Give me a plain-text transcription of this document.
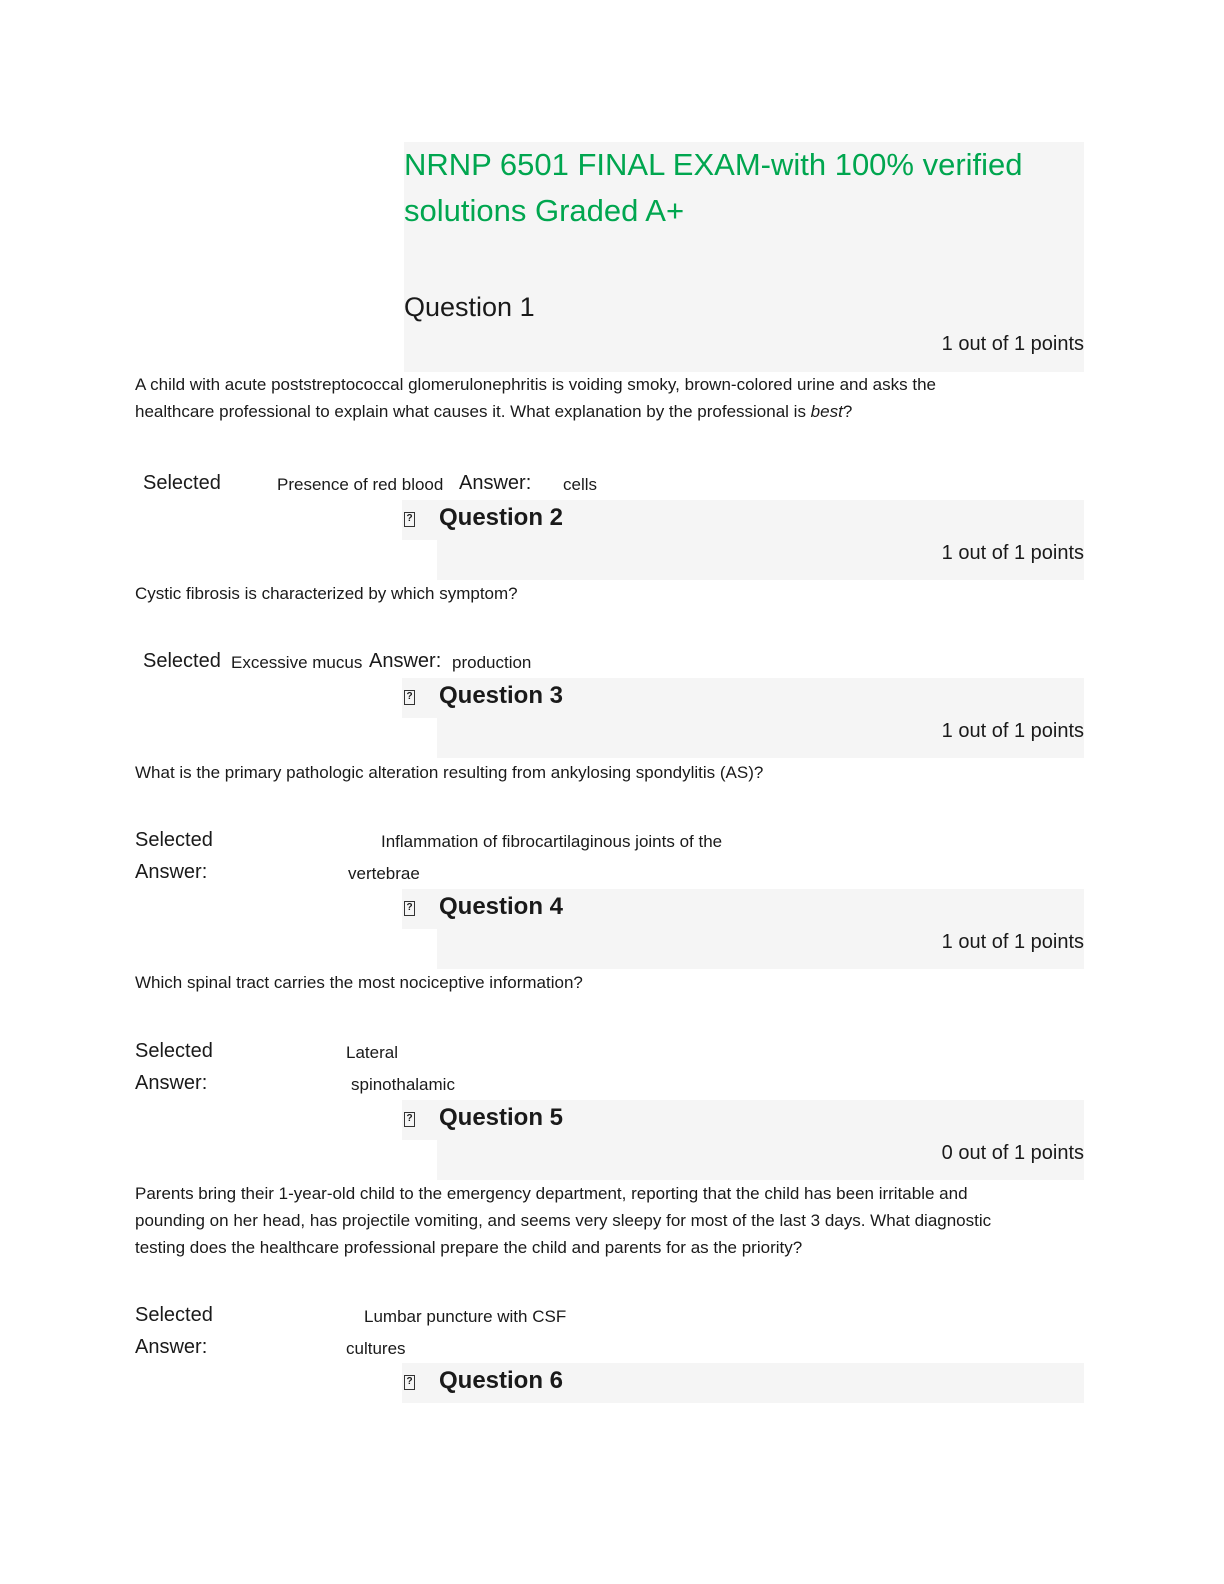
NRNP 6501 FINAL EXAM-with 100% verified
solutions Graded A+
Question 1
1 out of 1 points
A child with acute poststreptococcal glomerulonephritis is voiding smoky, brown-colored urine and asks the healthcare professional to explain what causes it. What explanation by the professional is best?
Selected	Presence of red blood Answer: cells
? Question 2
1 out of 1 points
Cystic fibrosis is characterized by which symptom?
Selected Excessive mucus Answer: production
? Question 3
1 out of 1 points
What is the primary pathologic alteration resulting from ankylosing spondylitis (AS)?
Selected
Answer:
Inflammation of fibrocartilaginous joints of the
vertebrae
? Question 4
1 out of 1 points
Which spinal tract carries the most nociceptive information?
Selected
Answer:
Lateral
spinothalamic
? Question 5
0 out of 1 points
Parents bring their 1-year-old child to the emergency department, reporting that the child has been irritable and pounding on her head, has projectile vomiting, and seems very sleepy for most of the last 3 days. What diagnostic testing does the healthcare professional prepare the child and parents for as the priority?
Selected
Answer:
Lumbar puncture with CSF
cultures
? Question 6
